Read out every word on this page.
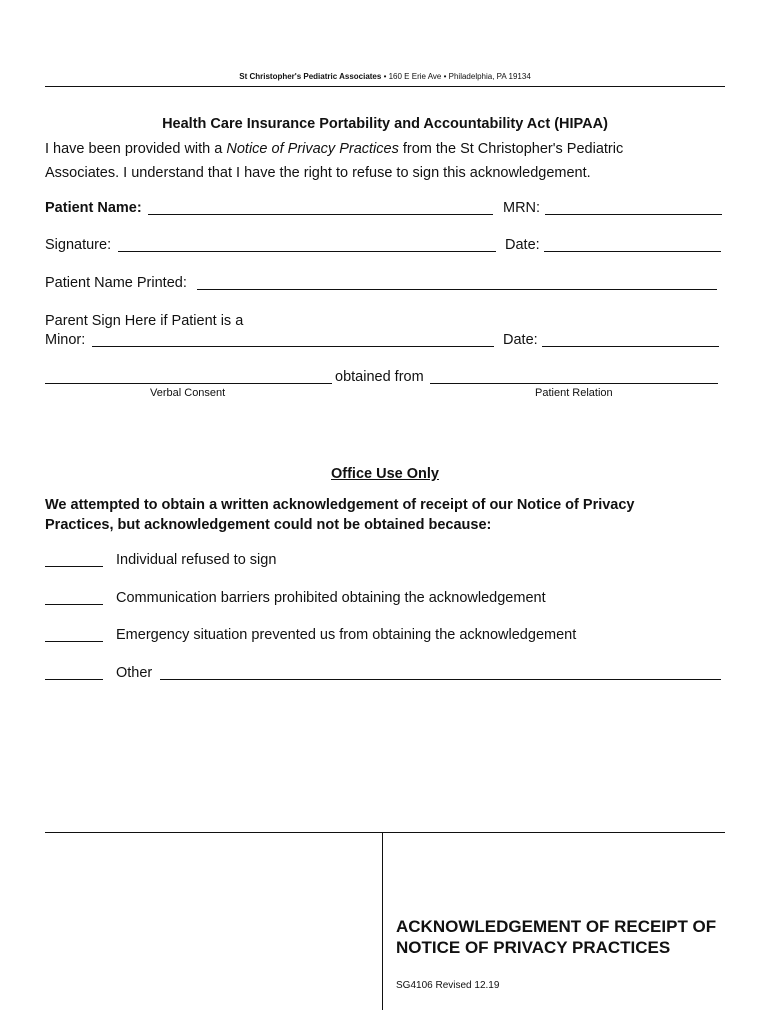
St Christopher's Pediatric Associates • 160 E Erie Ave • Philadelphia, PA 19134
Health Care Insurance Portability and Accountability Act (HIPAA)
I have been provided with a Notice of Privacy Practices from the St Christopher's Pediatric Associates. I understand that I have the right to refuse to sign this acknowledgement.
Patient Name:	MRN:
Signature:	Date:
Patient Name Printed:
Parent Sign Here if Patient is a
Minor:	Date:
obtained from
Verbal Consent	Patient Relation
Office Use Only
We attempted to obtain a written acknowledgement of receipt of our Notice of Privacy Practices, but acknowledgement could not be obtained because:
Individual refused to sign
Communication barriers prohibited obtaining the acknowledgement
Emergency situation prevented us from obtaining the acknowledgement
Other
ACKNOWLEDGEMENT OF RECEIPT OF NOTICE OF PRIVACY PRACTICES
SG4106 Revised 12.19
